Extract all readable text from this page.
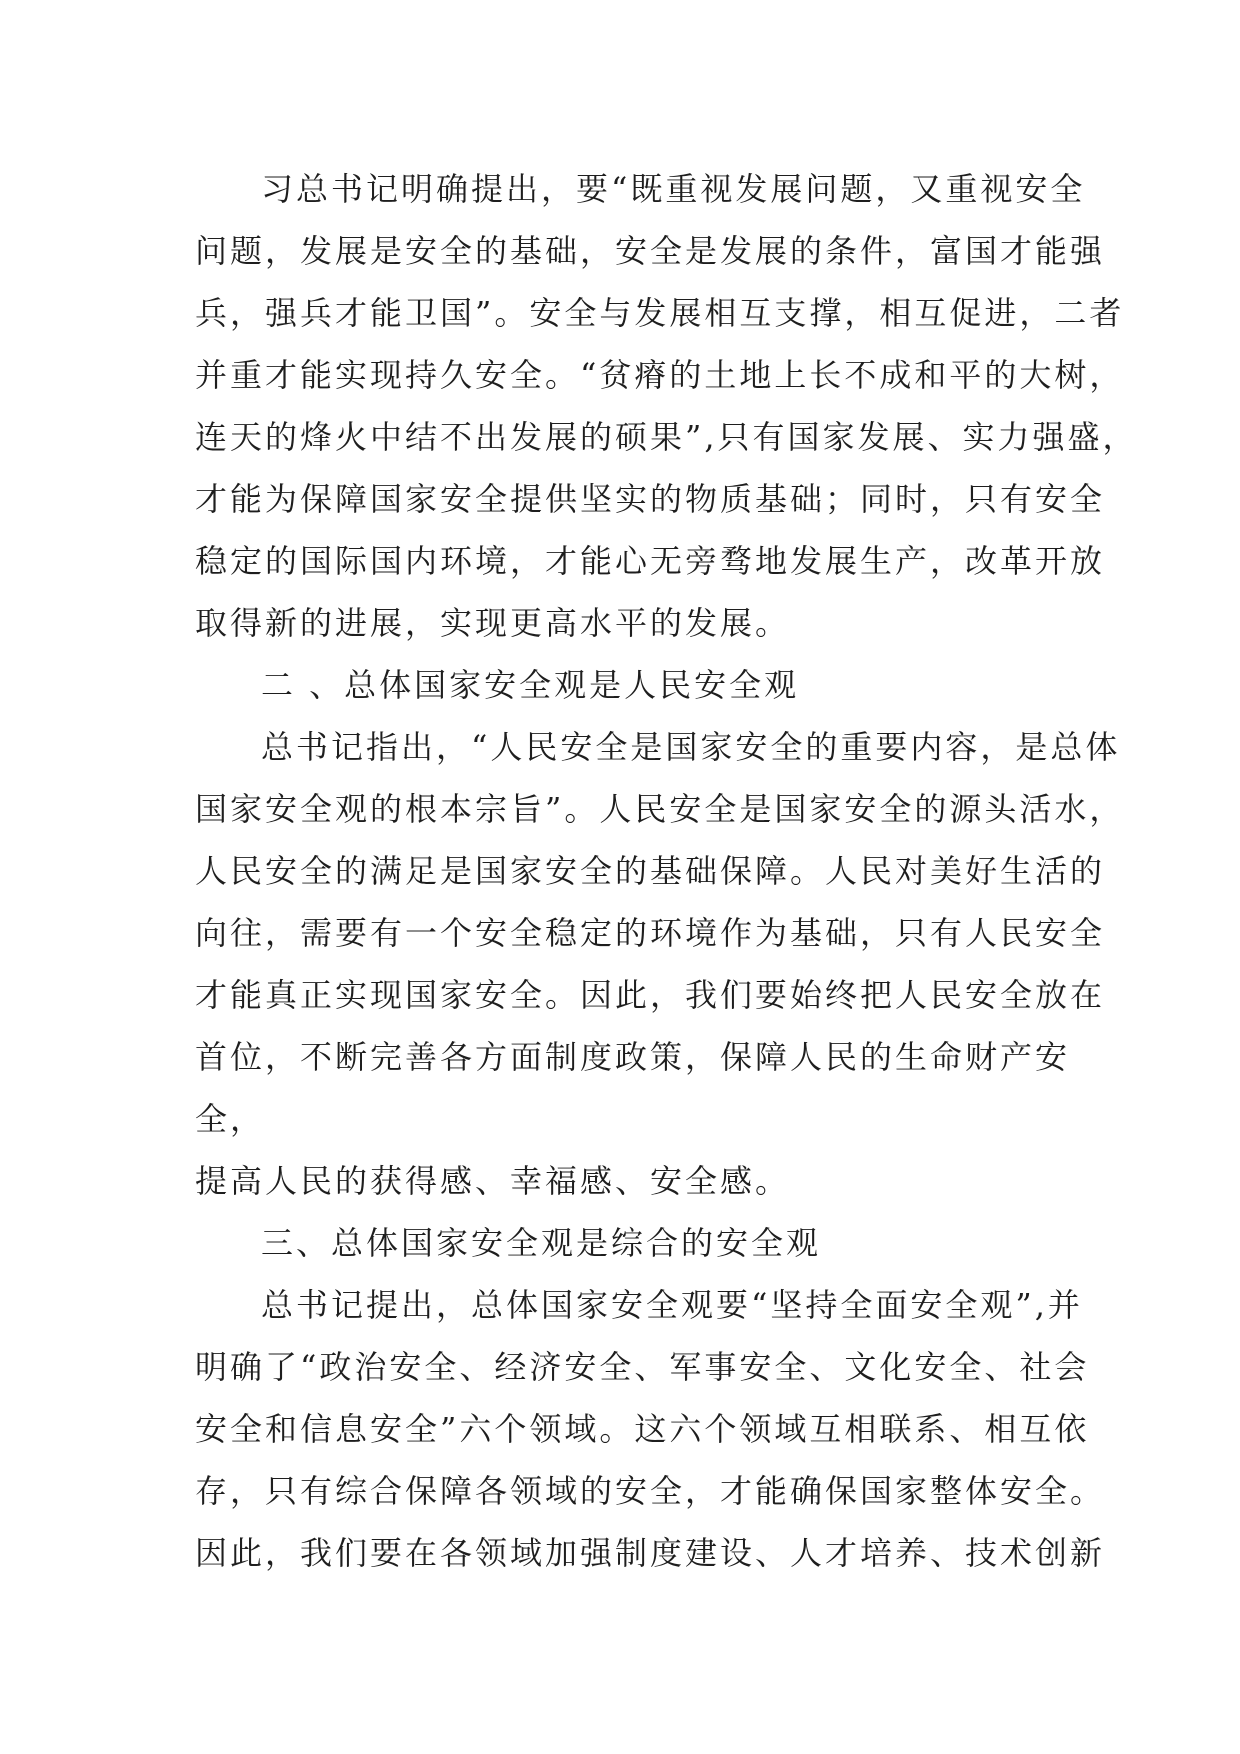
习总书记明确提出，要“既重视发展问题，又重视安全
问题，发展是安全的基础，安全是发展的条件，富国才能强
兵，强兵才能卫国”。安全与发展相互支撑，相互促进，二者
并重才能实现持久安全。“贫瘠的土地上长不成和平的大树，
连天的烽火中结不出发展的硕果”,只有国家发展、实力强盛，
才能为保障国家安全提供坚实的物质基础；同时，只有安全
稳定的国际国内环境，才能心无旁骛地发展生产，改革开放
取得新的进展，实现更高水平的发展。
二 、总体国家安全观是人民安全观
总书记指出，“人民安全是国家安全的重要内容，是总体
国家安全观的根本宗旨”。人民安全是国家安全的源头活水，
人民安全的满足是国家安全的基础保障。人民对美好生活的
向往，需要有一个安全稳定的环境作为基础，只有人民安全
才能真正实现国家安全。因此，我们要始终把人民安全放在
首位，不断完善各方面制度政策，保障人民的生命财产安
全，
提高人民的获得感、幸福感、安全感。
三、总体国家安全观是综合的安全观
总书记提出，总体国家安全观要“坚持全面安全观”,并
明确了“政治安全、经济安全、军事安全、文化安全、社会
安全和信息安全”六个领域。这六个领域互相联系、相互依
存，只有综合保障各领域的安全，才能确保国家整体安全。
因此，我们要在各领域加强制度建设、人才培养、技术创新
